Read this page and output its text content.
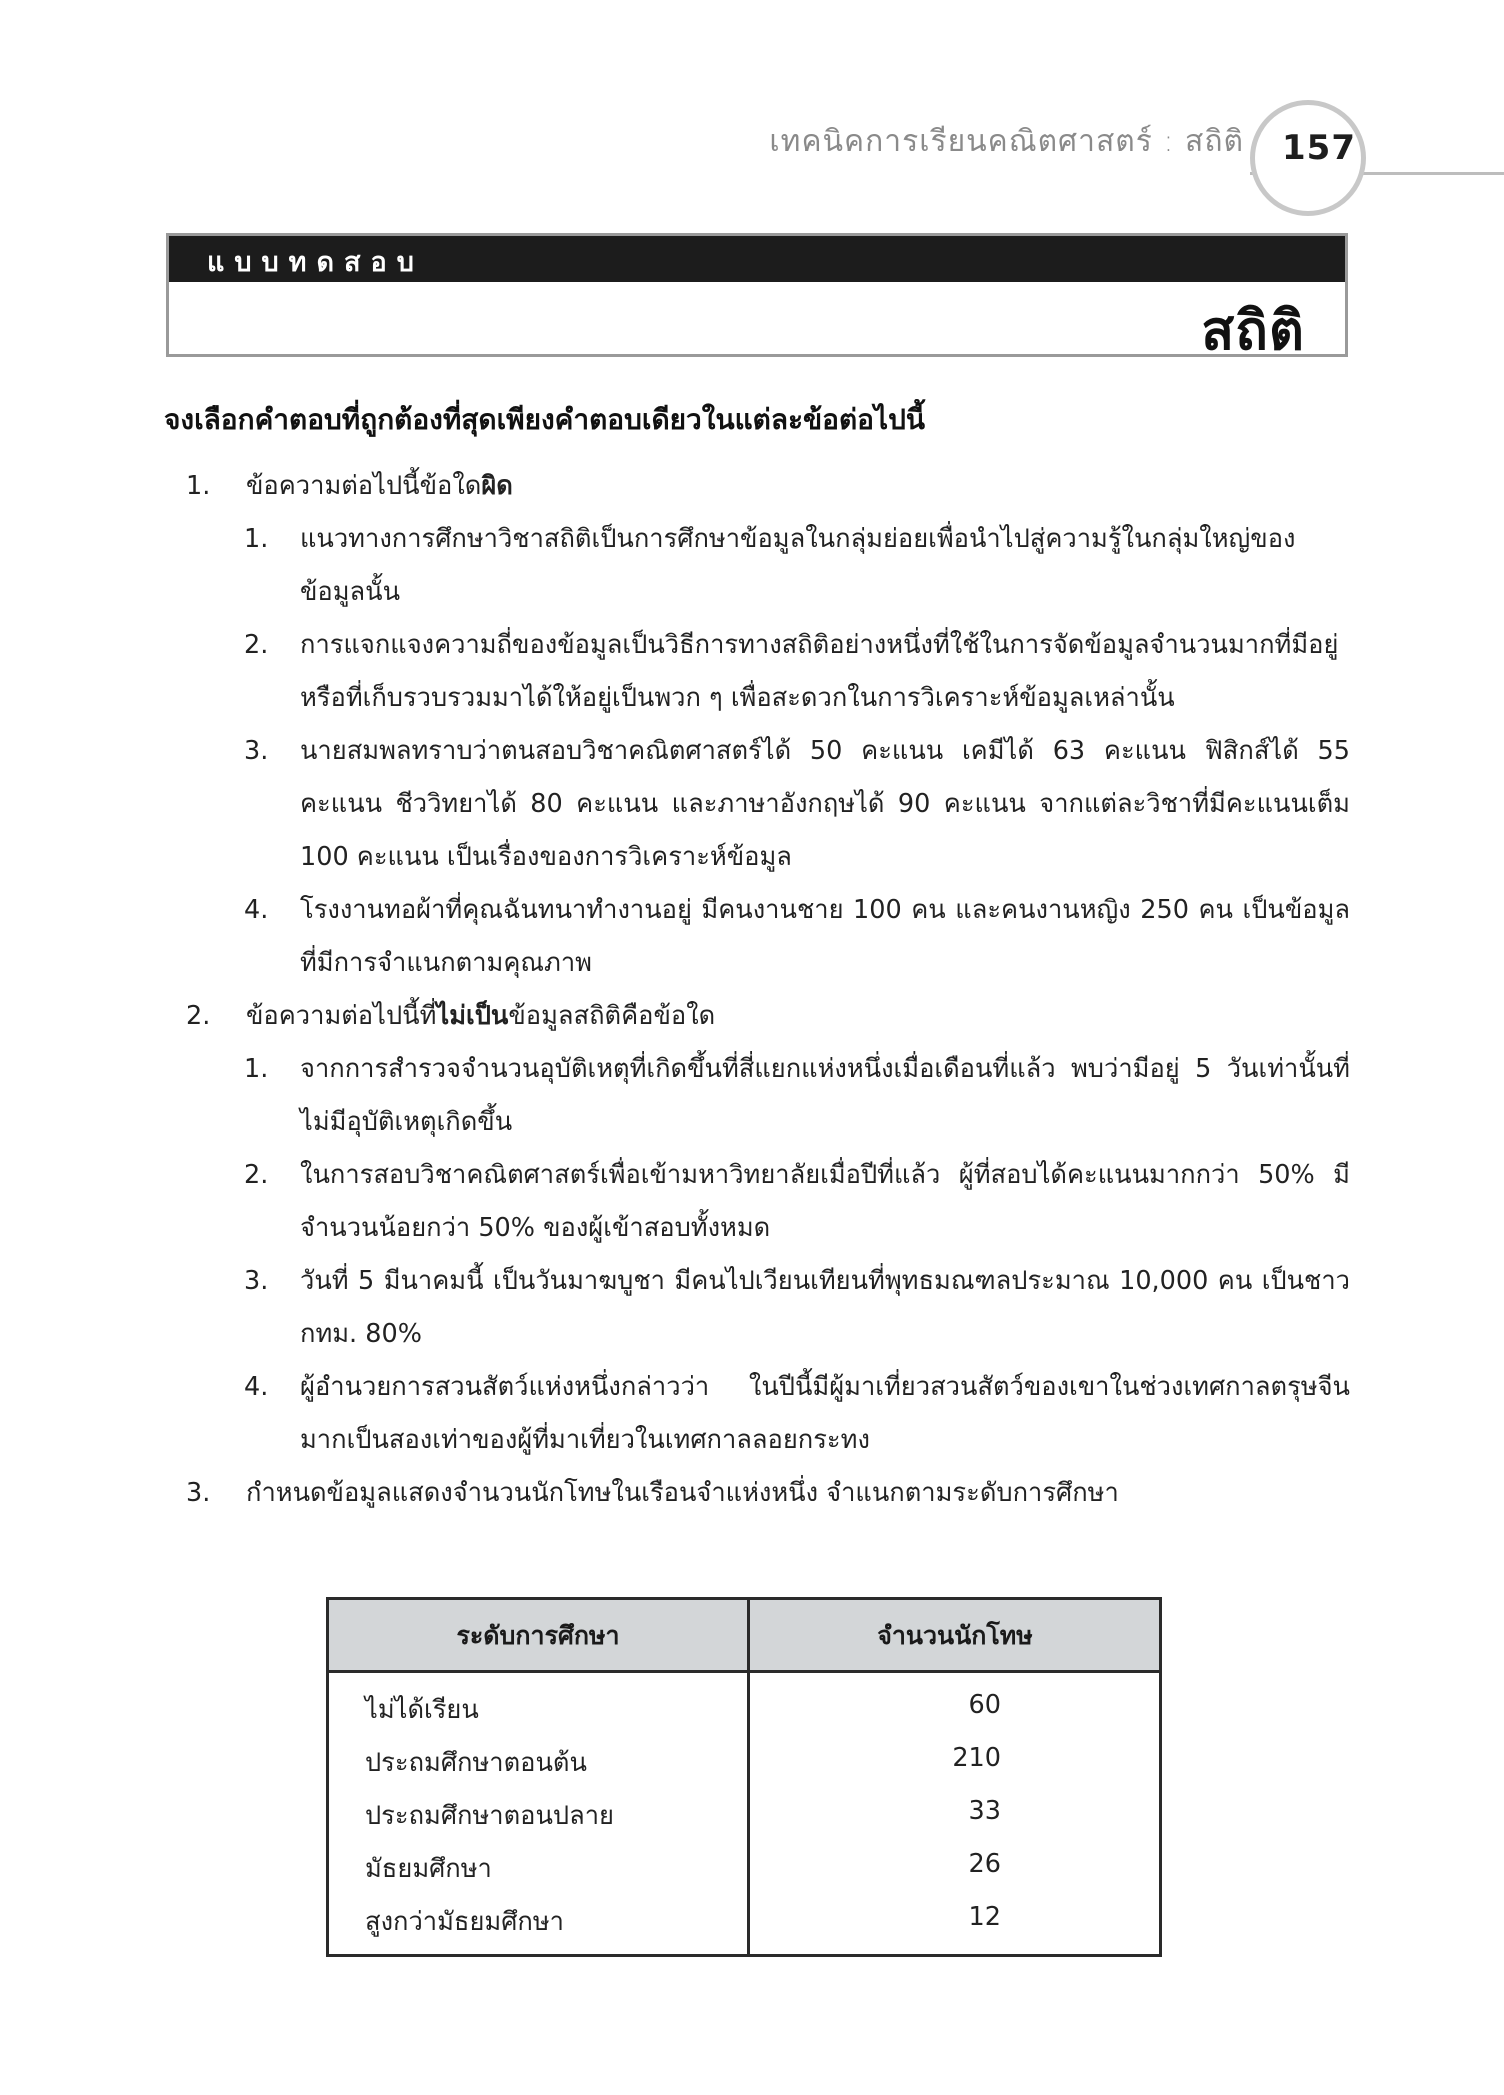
เทคนิคการเรียนคณิตศาสตร์ : สถิติ 157
แบบทดสอบ
สถิติ
จงเลือกคำตอบที่ถูกต้องที่สุดเพียงคำตอบเดียวในแต่ละข้อต่อไปนี้
1. ข้อความต่อไปนี้ข้อใดผิด
1. แนวทางการศึกษาวิชาสถิติเป็นการศึกษาข้อมูลในกลุ่มย่อยเพื่อนำไปสู่ความรู้ในกลุ่มใหญ่ของข้อมูลนั้น
2. การแจกแจงความถี่ของข้อมูลเป็นวิธีการทางสถิติอย่างหนึ่งที่ใช้ในการจัดข้อมูลจำนวนมากที่มีอยู่ หรือที่เก็บรวบรวมมาได้ให้อยู่เป็นพวก ๆ เพื่อสะดวกในการวิเคราะห์ข้อมูลเหล่านั้น
3. นายสมพลทราบว่าตนสอบวิชาคณิตศาสตร์ได้ 50 คะแนน เคมีได้ 63 คะแนน ฟิสิกส์ได้ 55 คะแนน ชีววิทยาได้ 80 คะแนน และภาษาอังกฤษได้ 90 คะแนน จากแต่ละวิชาที่มีคะแนนเต็ม 100 คะแนน เป็นเรื่องของการวิเคราะห์ข้อมูล
4. โรงงานทอผ้าที่คุณฉันทนาทำงานอยู่ มีคนงานชาย 100 คน และคนงานหญิง 250 คน เป็นข้อมูลที่มีการจำแนกตามคุณภาพ
2. ข้อความต่อไปนี้ที่ไม่เป็นข้อมูลสถิติคือข้อใด
1. จากการสำรวจจำนวนอุบัติเหตุที่เกิดขึ้นที่สี่แยกแห่งหนึ่งเมื่อเดือนที่แล้ว พบว่ามีอยู่ 5 วันเท่านั้นที่ไม่มีอุบัติเหตุเกิดขึ้น
2. ในการสอบวิชาคณิตศาสตร์เพื่อเข้ามหาวิทยาลัยเมื่อปีที่แล้ว ผู้ที่สอบได้คะแนนมากกว่า 50% มีจำนวนน้อยกว่า 50% ของผู้เข้าสอบทั้งหมด
3. วันที่ 5 มีนาคมนี้ เป็นวันมาฆบูชา มีคนไปเวียนเทียนที่พุทธมณฑลประมาณ 10,000 คน เป็นชาว กทม. 80%
4. ผู้อำนวยการสวนสัตว์แห่งหนึ่งกล่าวว่า ในปีนี้มีผู้มาเที่ยวสวนสัตว์ของเขาในช่วงเทศกาลตรุษจีนมากเป็นสองเท่าของผู้ที่มาเที่ยวในเทศกาลลอยกระทง
3. กำหนดข้อมูลแสดงจำนวนนักโทษในเรือนจำแห่งหนึ่ง จำแนกตามระดับการศึกษา
ระดับการศึกษา	จำนวนนักโทษ
ไม่ได้เรียน	60
ประถมศึกษาตอนต้น	210
ประถมศึกษาตอนปลาย	33
มัธยมศึกษา	26
สูงกว่ามัธยมศึกษา	12
